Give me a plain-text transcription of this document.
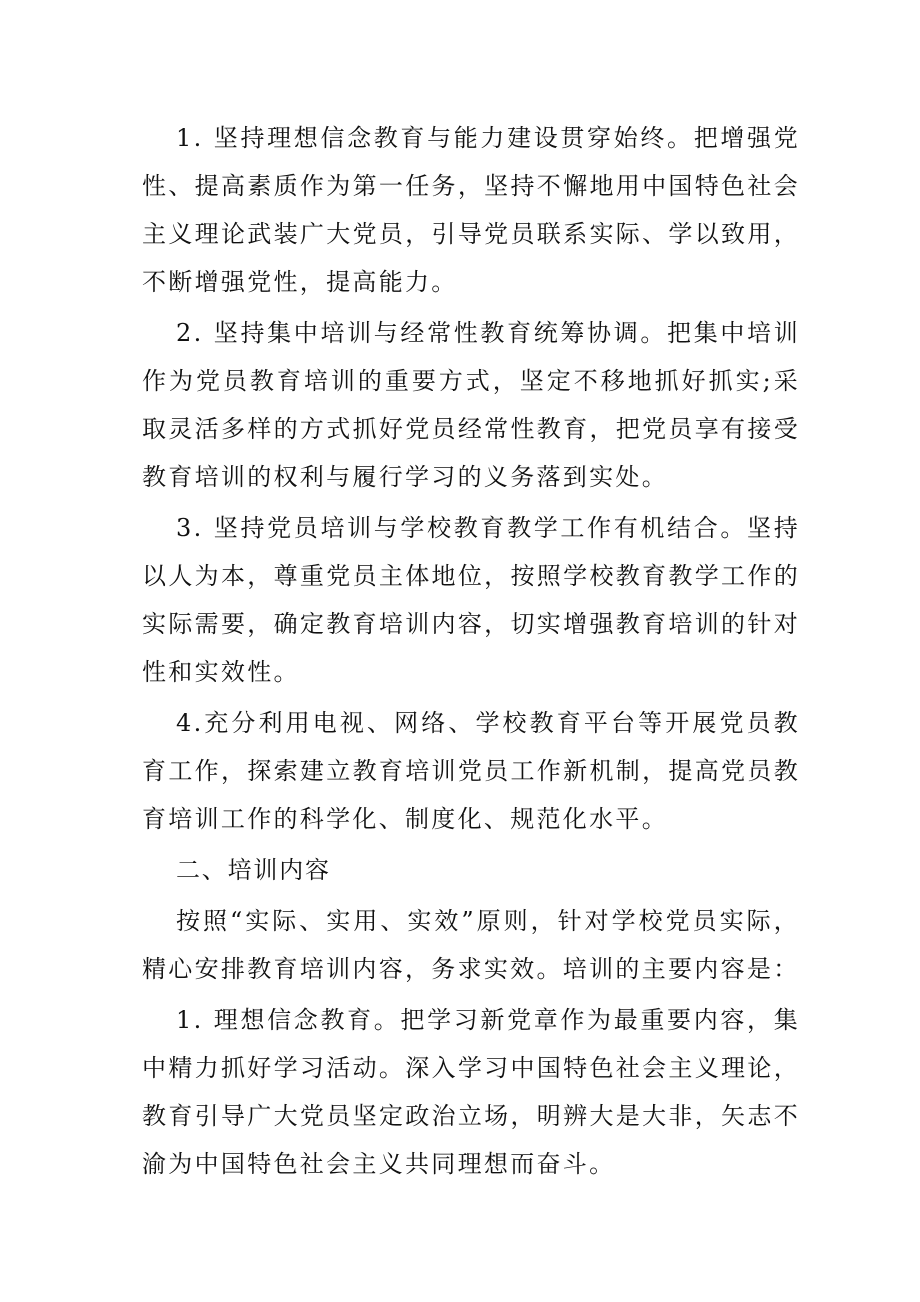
1. 坚持理想信念教育与能力建设贯穿始终。把增强党性、提高素质作为第一任务，坚持不懈地用中国特色社会主义理论武装广大党员，引导党员联系实际、学以致用，不断增强党性，提高能力。

2. 坚持集中培训与经常性教育统筹协调。把集中培训作为党员教育培训的重要方式，坚定不移地抓好抓实;采取灵活多样的方式抓好党员经常性教育，把党员享有接受教育培训的权利与履行学习的义务落到实处。

3. 坚持党员培训与学校教育教学工作有机结合。坚持以人为本，尊重党员主体地位，按照学校教育教学工作的实际需要，确定教育培训内容，切实增强教育培训的针对性和实效性。

4.充分利用电视、网络、学校教育平台等开展党员教育工作，探索建立教育培训党员工作新机制，提高党员教育培训工作的科学化、制度化、规范化水平。

二、培训内容

按照“实际、实用、实效”原则，针对学校党员实际，精心安排教育培训内容，务求实效。培训的主要内容是：

1. 理想信念教育。把学习新党章作为最重要内容，集中精力抓好学习活动。深入学习中国特色社会主义理论，教育引导广大党员坚定政治立场，明辨大是大非，矢志不渝为中国特色社会主义共同理想而奋斗。
